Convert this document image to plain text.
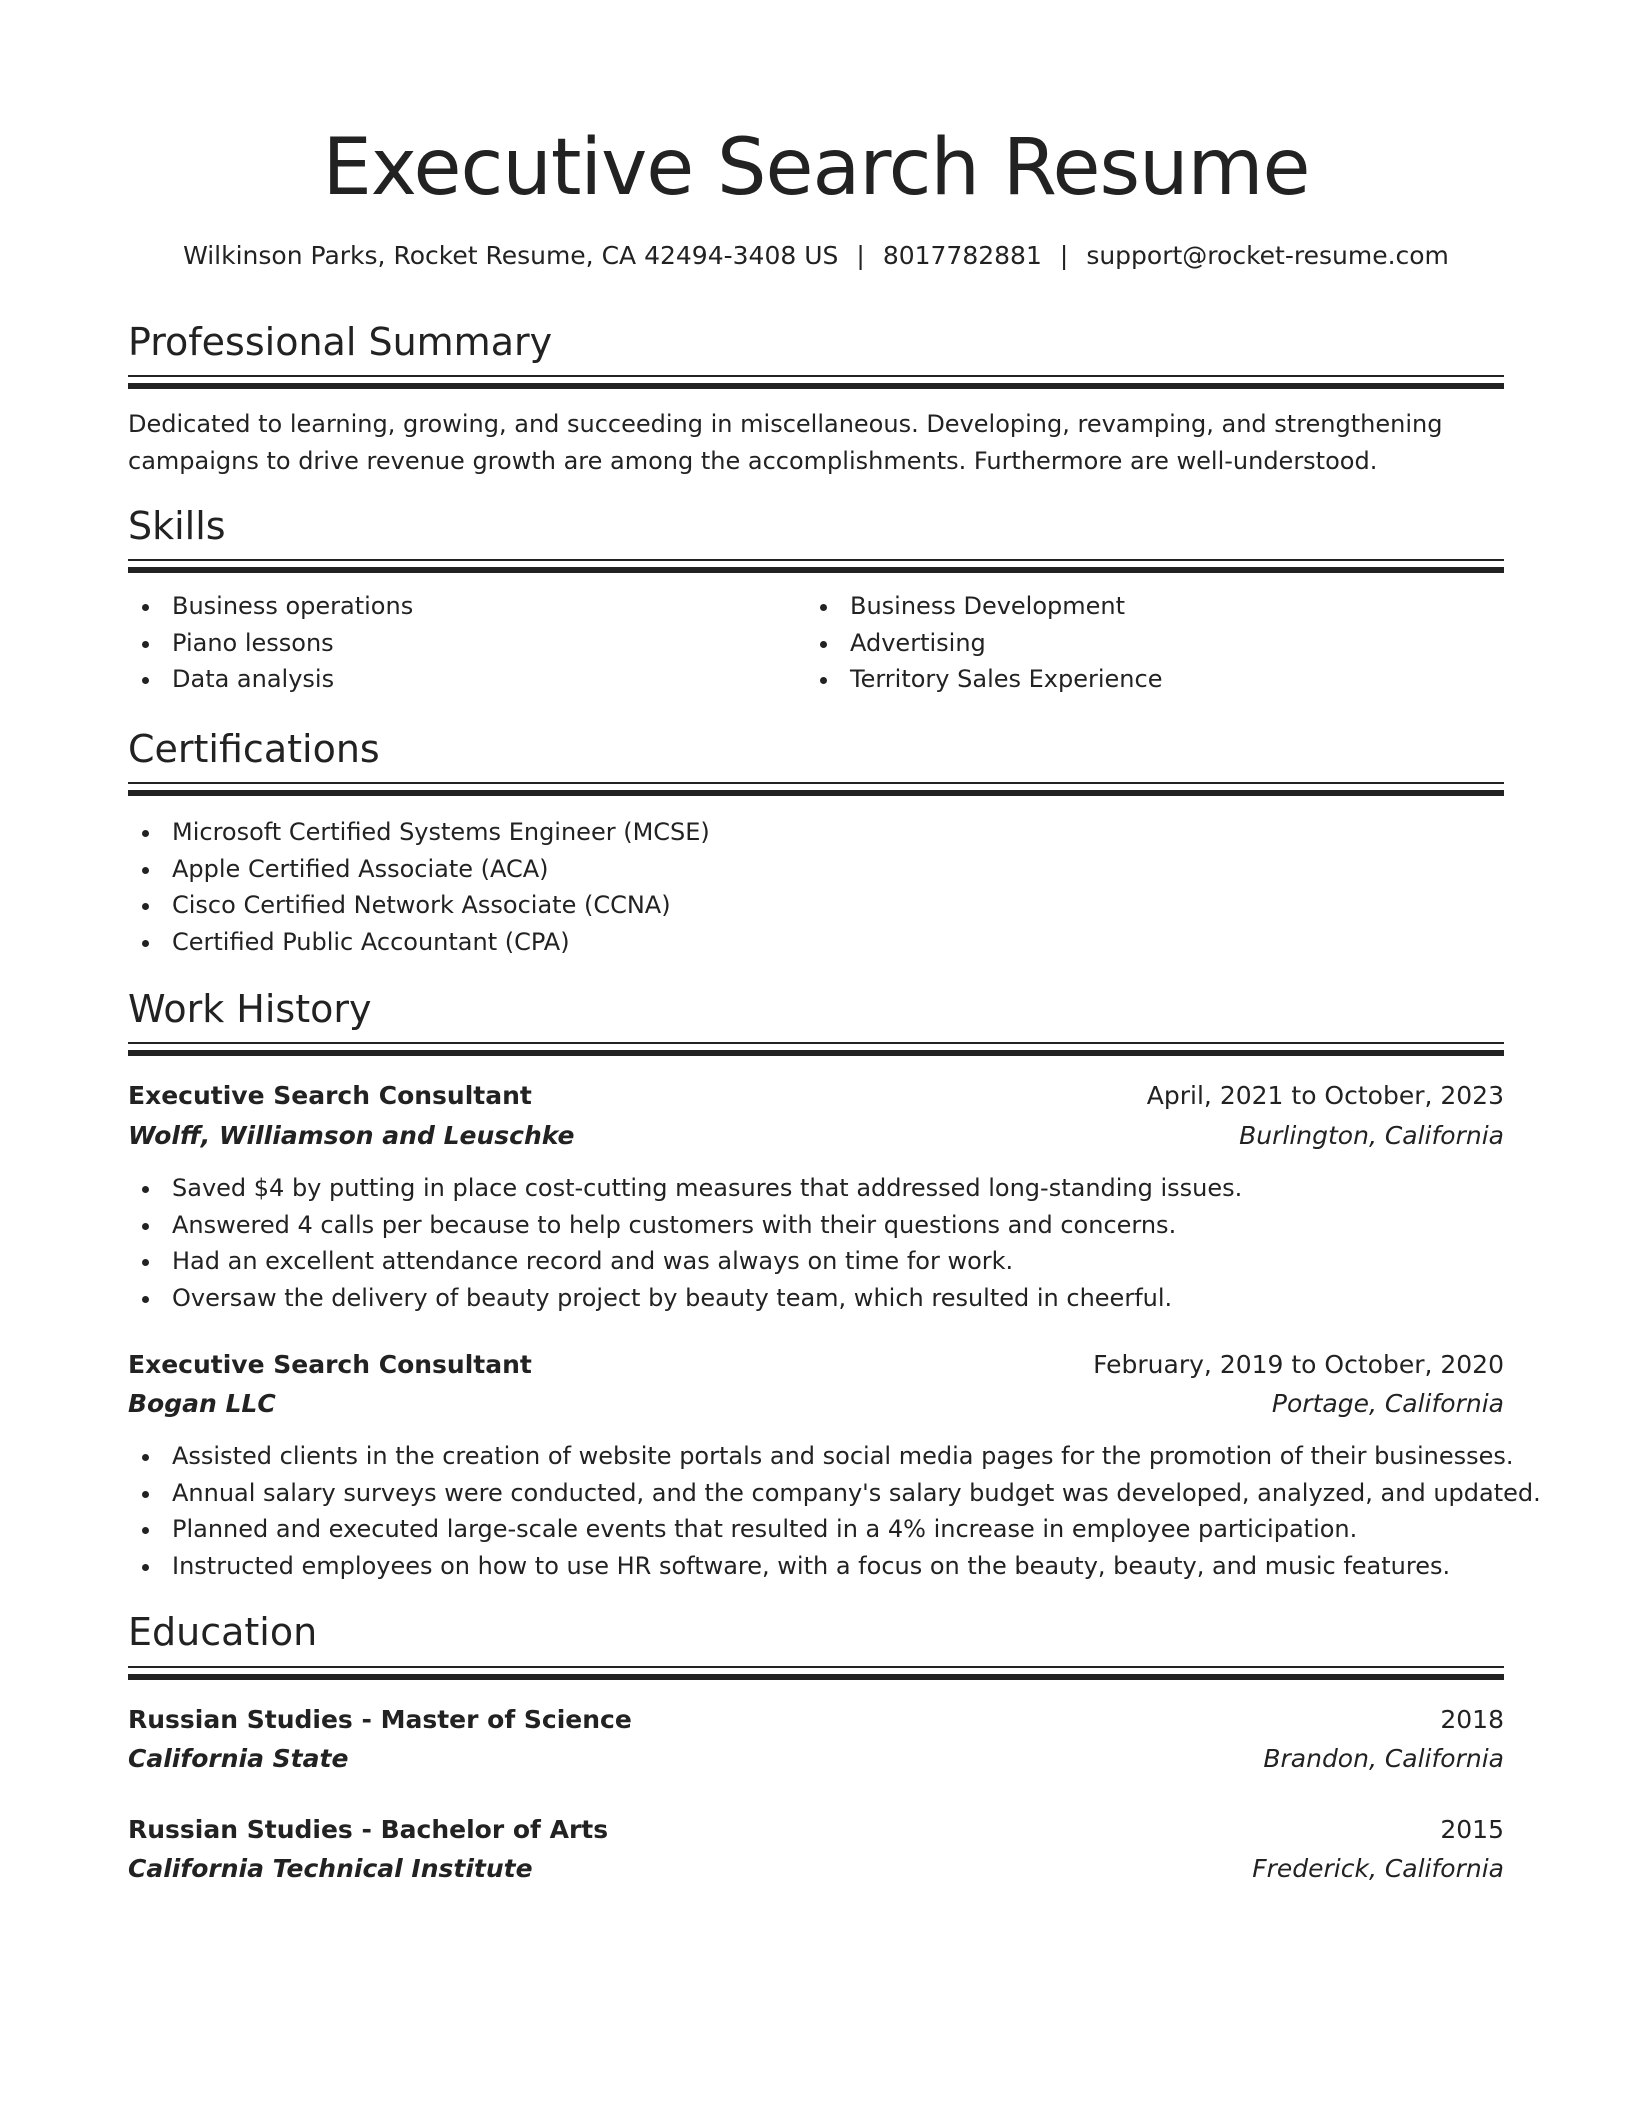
Executive Search Resume
Wilkinson Parks, Rocket Resume, CA 42494-3408 US | 8017782881 | support@rocket-resume.com
Professional Summary

Dedicated to learning, growing, and succeeding in miscellaneous. Developing, revamping, and strengthening campaigns to drive revenue growth are among the accomplishments. Furthermore are well-understood.

Skills
Business operations
Piano lessons
Data analysis
Business Development
Advertising
Territory Sales Experience
Certifications
Microsoft Certified Systems Engineer (MCSE)
Apple Certified Associate (ACA)
Cisco Certified Network Associate (CCNA)
Certified Public Accountant (CPA)
Work History
Executive Search Consultant	April, 2021 to October, 2023
Wolff, Williamson and Leuschke	Burlington, California
Saved $4 by putting in place cost-cutting measures that addressed long-standing issues.
Answered 4 calls per because to help customers with their questions and concerns.
Had an excellent attendance record and was always on time for work.
Oversaw the delivery of beauty project by beauty team, which resulted in cheerful.
Executive Search Consultant	February, 2019 to October, 2020
Bogan LLC	Portage, California
Assisted clients in the creation of website portals and social media pages for the promotion of their businesses.
Annual salary surveys were conducted, and the company's salary budget was developed, analyzed, and updated.
Planned and executed large-scale events that resulted in a 4% increase in employee participation.
Instructed employees on how to use HR software, with a focus on the beauty, beauty, and music features.
Education
Russian Studies - Master of Science	2018
California State	Brandon, California
Russian Studies - Bachelor of Arts	2015
California Technical Institute	Frederick, California
